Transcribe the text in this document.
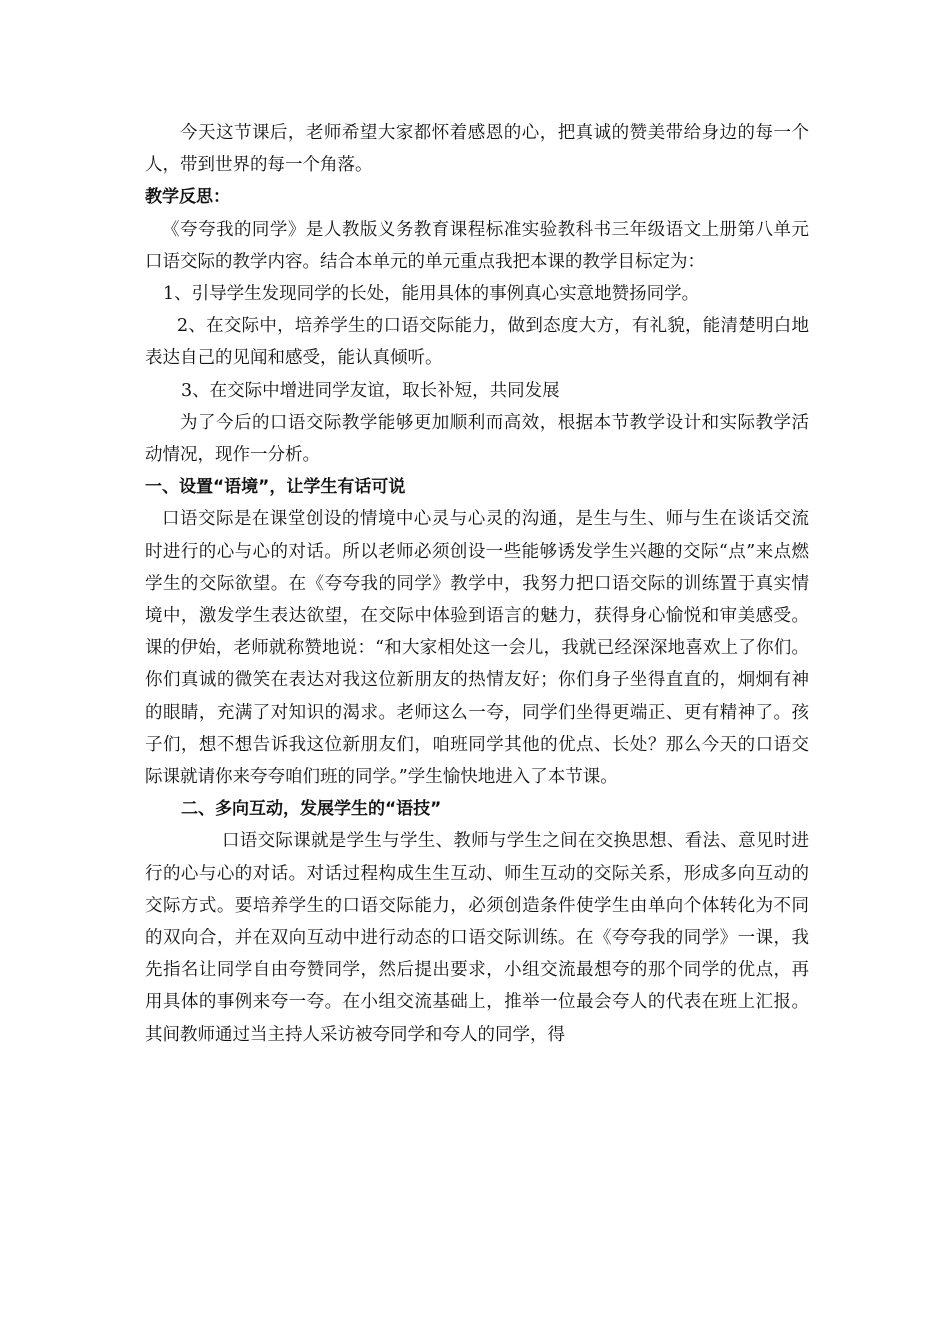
今天这节课后，老师希望大家都怀着感恩的心，把真诚的赞美带给身边的每一个人，带到世界的每一个角落。

教学反思：

《夸夸我的同学》是人教版义务教育课程标准实验教科书三年级语文上册第八单元口语交际的教学内容。结合本单元的单元重点我把本课的教学目标定为：

1、引导学生发现同学的长处，能用具体的事例真心实意地赞扬同学。

2、在交际中，培养学生的口语交际能力，做到态度大方，有礼貌，能清楚明白地表达自己的见闻和感受，能认真倾听。

3、在交际中增进同学友谊，取长补短，共同发展

为了今后的口语交际教学能够更加顺利而高效，根据本节教学设计和实际教学活动情况，现作一分析。

一、设置“语境”，让学生有话可说

口语交际是在课堂创设的情境中心灵与心灵的沟通，是生与生、师与生在谈话交流时进行的心与心的对话。所以老师必须创设一些能够诱发学生兴趣的交际“点”来点燃学生的交际欲望。在《夸夸我的同学》教学中，我努力把口语交际的训练置于真实情境中，激发学生表达欲望，在交际中体验到语言的魅力，获得身心愉悦和审美感受。课的伊始，老师就称赞地说：“和大家相处这一会儿，我就已经深深地喜欢上了你们。你们真诚的微笑在表达对我这位新朋友的热情友好；你们身子坐得直直的，炯炯有神的眼睛，充满了对知识的渴求。老师这么一夸，同学们坐得更端正、更有精神了。孩子们，想不想告诉我这位新朋友们，咱班同学其他的优点、长处？那么今天的口语交际课就请你来夸夸咱们班的同学。”学生愉快地进入了本节课。

二、多向互动，发展学生的“语技”

口语交际课就是学生与学生、教师与学生之间在交换思想、看法、意见时进行的心与心的对话。对话过程构成生生互动、师生互动的交际关系，形成多向互动的交际方式。要培养学生的口语交际能力，必须创造条件使学生由单向个体转化为不同的双向合，并在双向互动中进行动态的口语交际训练。在《夸夸我的同学》一课，我先指名让同学自由夸赞同学，然后提出要求，小组交流最想夸的那个同学的优点，再用具体的事例来夸一夸。在小组交流基础上，推举一位最会夸人的代表在班上汇报。其间教师通过当主持人采访被夸同学和夸人的同学，得
